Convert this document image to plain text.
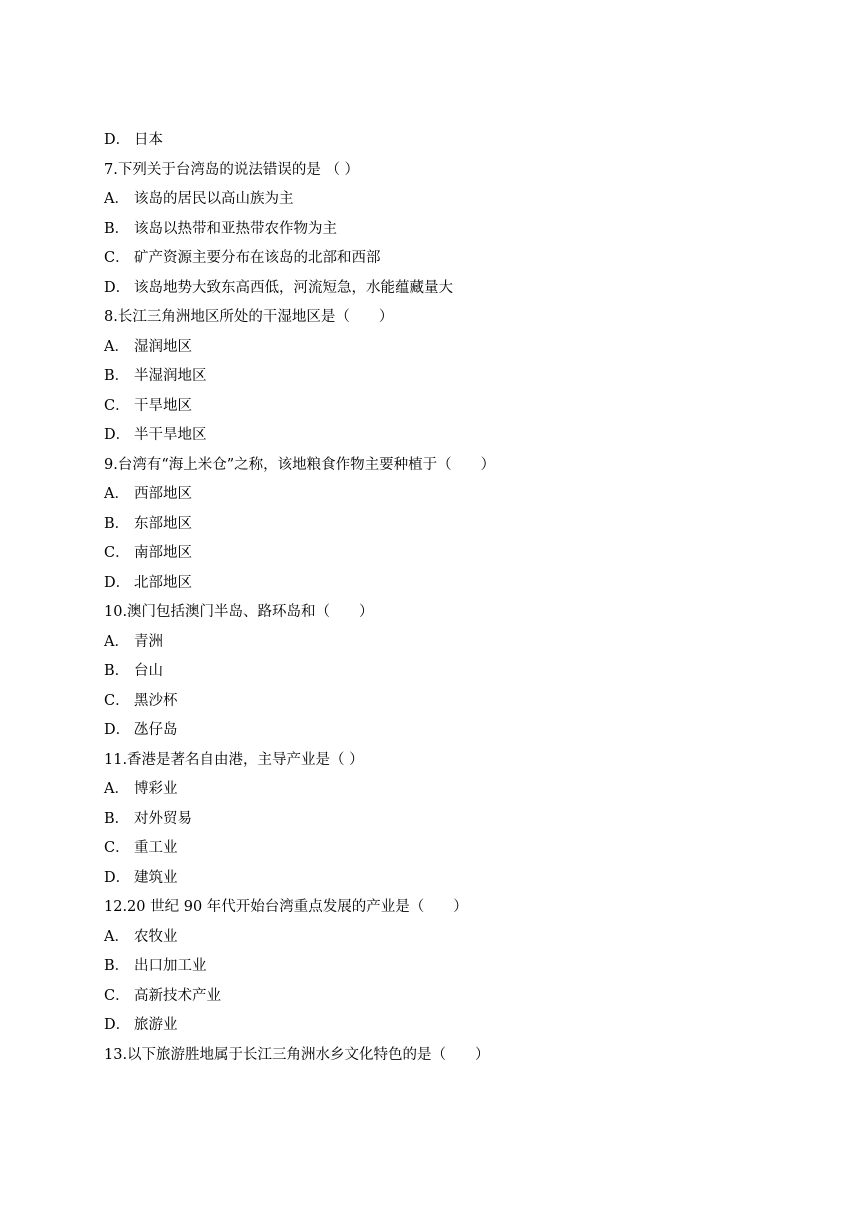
D． 日本
7.下列关于台湾岛的说法错误的是 （ ）
A． 该岛的居民以高山族为主
B． 该岛以热带和亚热带农作物为主
C． 矿产资源主要分布在该岛的北部和西部
D． 该岛地势大致东高西低，河流短急，水能蕴藏量大
8.长江三角洲地区所处的干湿地区是（　　）
A． 湿润地区
B． 半湿润地区
C． 干旱地区
D． 半干旱地区
9.台湾有“海上米仓”之称，该地粮食作物主要种植于（　　）
A． 西部地区
B． 东部地区
C． 南部地区
D． 北部地区
10.澳门包括澳门半岛、路环岛和（　　）
A． 青洲
B． 台山
C． 黑沙杯
D． 氹仔岛
11.香港是著名自由港，主导产业是（ ）
A． 博彩业
B． 对外贸易
C． 重工业
D． 建筑业
12.20 世纪 90 年代开始台湾重点发展的产业是（　　）
A． 农牧业
B． 出口加工业
C． 高新技术产业
D． 旅游业
13.以下旅游胜地属于长江三角洲水乡文化特色的是（　　）
